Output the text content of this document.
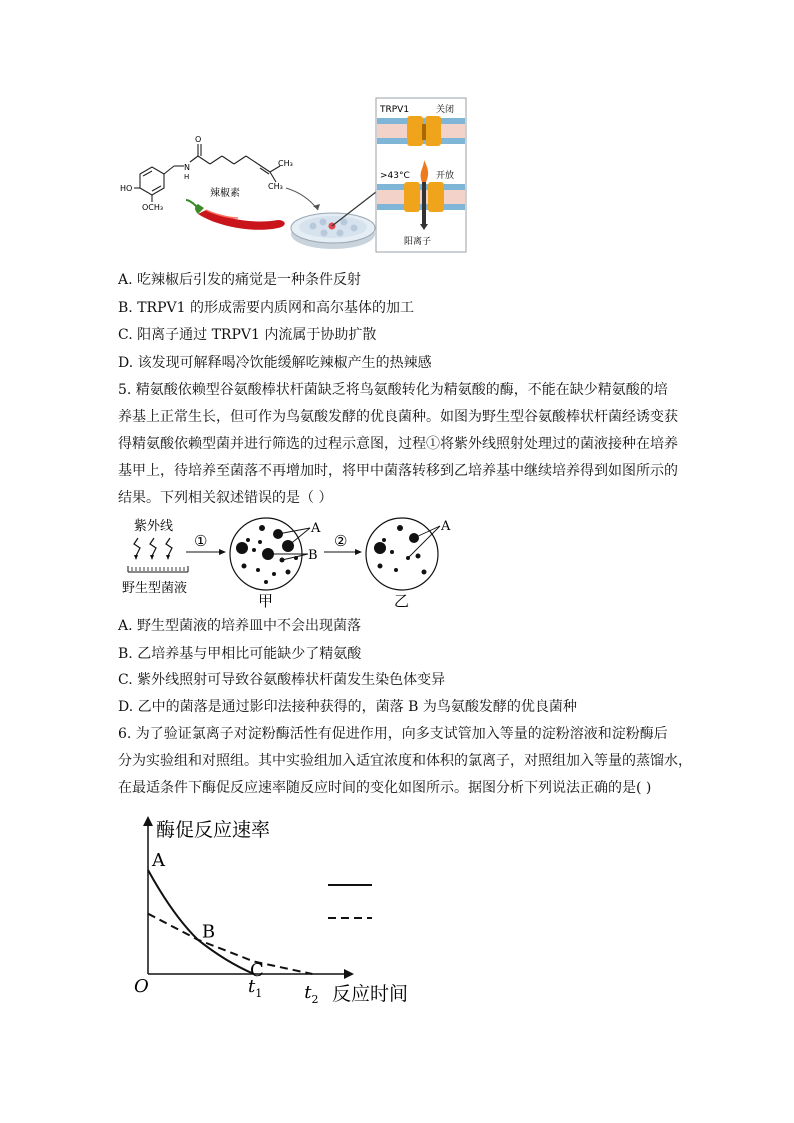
N
H
O
CH₃
CH₃
HO
OCH₃
辣椒素
TRPV1	关闭
>43°C	开放
阳离子
A. 吃辣椒后引发的痛觉是一种条件反射
B. TRPV1 的形成需要内质网和高尔基体的加工
C. 阳离子通过 TRPV1 内流属于协助扩散
D. 该发现可解释喝冷饮能缓解吃辣椒产生的热辣感
5. 精氨酸依赖型谷氨酸棒状杆菌缺乏将鸟氨酸转化为精氨酸的酶，不能在缺少精氨酸的培
养基上正常生长，但可作为鸟氨酸发酵的优良菌种。如图为野生型谷氨酸棒状杆菌经诱变获
得精氨酸依赖型菌并进行筛选的过程示意图，过程①将紫外线照射处理过的菌液接种在培养
基甲上，待培养至菌落不再增加时，将甲中菌落转移到乙培养基中继续培养得到如图所示的
结果。下列相关叙述错误的是（ ）
紫外线
野生型菌液
①
A
B
甲
②
A
乙
A. 野生型菌液的培养皿中不会出现菌落
B. 乙培养基与甲相比可能缺少了精氨酸
C. 紫外线照射可导致谷氨酸棒状杆菌发生染色体变异
D. 乙中的菌落是通过影印法接种获得的，菌落 B 为鸟氨酸发酵的优良菌种
6. 为了验证氯离子对淀粉酶活性有促进作用，向多支试管加入等量的淀粉溶液和淀粉酶后
分为实验组和对照组。其中实验组加入适宜浓度和体积的氯离子，对照组加入等量的蒸馏水，
在最适条件下酶促反应速率随反应时间的变化如图所示。据图分析下列说法正确的是( )
酶促反应速率
反应时间
O
A
B
C
$t_1$ $t_2$
